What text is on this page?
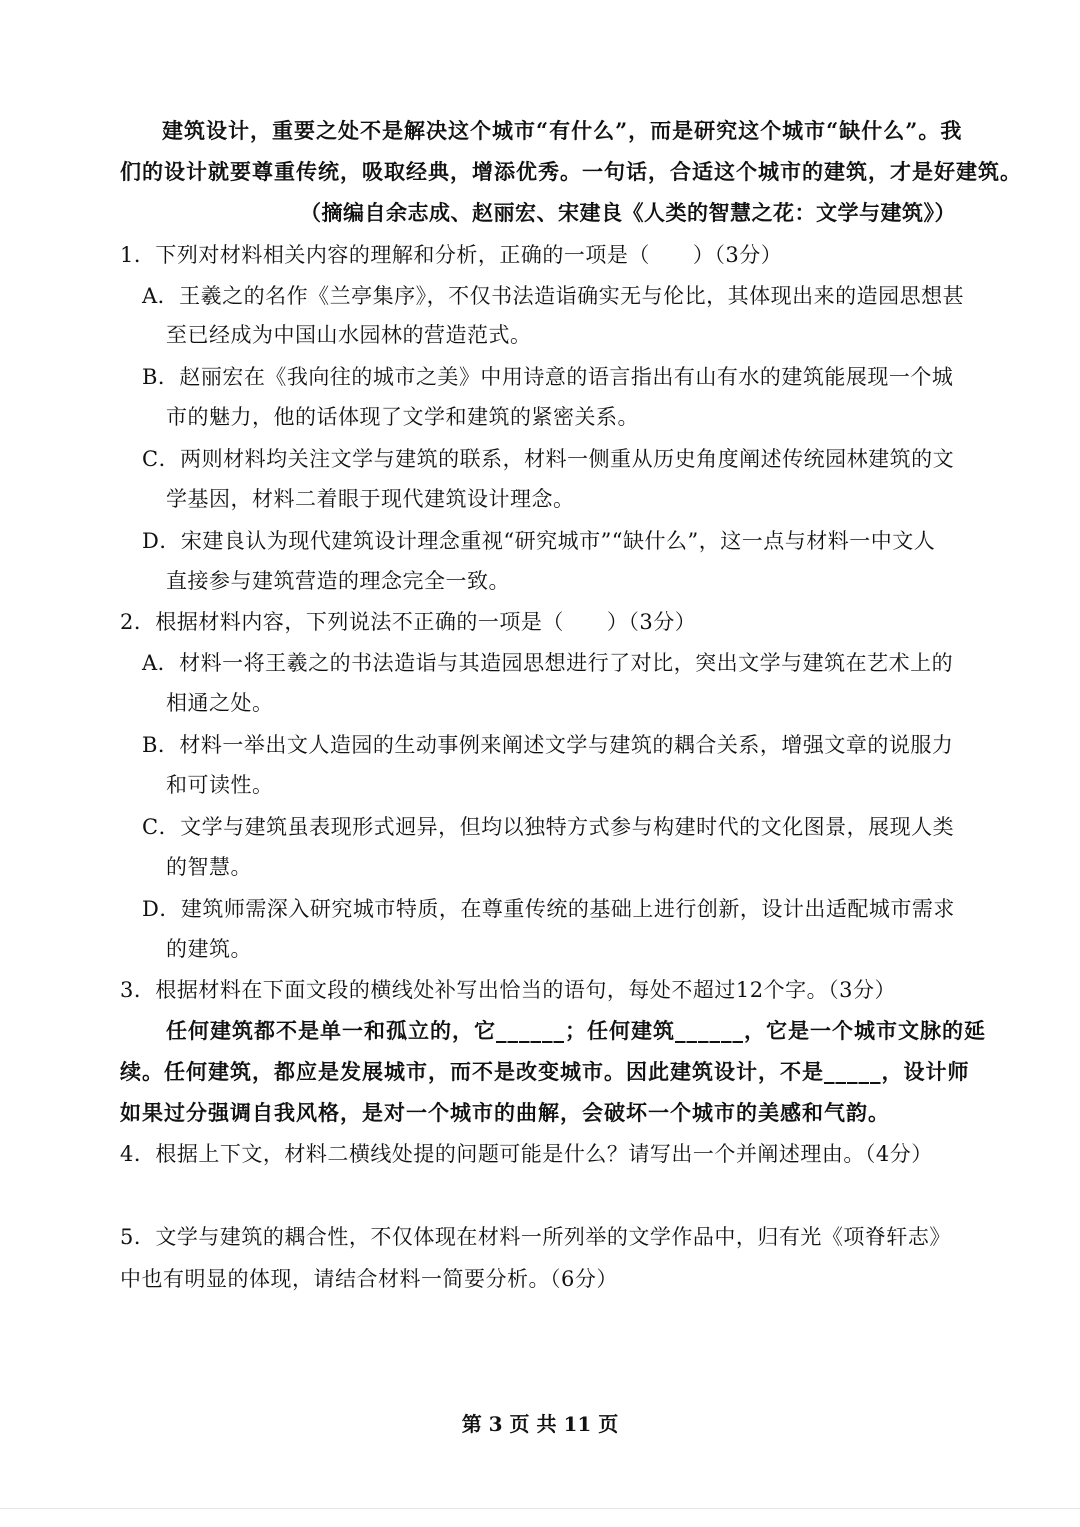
建筑设计，重要之处不是解决这个城市“有什么”，而是研究这个城市“缺什么”。我
们的设计就要尊重传统，吸取经典，增添优秀。一句话，合适这个城市的建筑，才是好建筑。
（摘编自余志成、赵丽宏、宋建良《人类的智慧之花：文学与建筑》）
1．下列对材料相关内容的理解和分析，正确的一项是（　　）（3分）
A．王羲之的名作《兰亭集序》，不仅书法造诣确实无与伦比，其体现出来的造园思想甚
至已经成为中国山水园林的营造范式。
B．赵丽宏在《我向往的城市之美》中用诗意的语言指出有山有水的建筑能展现一个城
市的魅力，他的话体现了文学和建筑的紧密关系。
C．两则材料均关注文学与建筑的联系，材料一侧重从历史角度阐述传统园林建筑的文
学基因，材料二着眼于现代建筑设计理念。
D．宋建良认为现代建筑设计理念重视“研究城市”“缺什么”，这一点与材料一中文人
直接参与建筑营造的理念完全一致。
2．根据材料内容，下列说法不正确的一项是（　　）（3分）
A．材料一将王羲之的书法造诣与其造园思想进行了对比，突出文学与建筑在艺术上的
相通之处。
B．材料一举出文人造园的生动事例来阐述文学与建筑的耦合关系，增强文章的说服力
和可读性。
C．文学与建筑虽表现形式迥异，但均以独特方式参与构建时代的文化图景，展现人类
的智慧。
D．建筑师需深入研究城市特质，在尊重传统的基础上进行创新，设计出适配城市需求
的建筑。
3．根据材料在下面文段的横线处补写出恰当的语句，每处不超过12个字。（3分）
任何建筑都不是单一和孤立的，它______；任何建筑______，它是一个城市文脉的延
续。任何建筑，都应是发展城市，而不是改变城市。因此建筑设计，不是_____，设计师
如果过分强调自我风格，是对一个城市的曲解，会破坏一个城市的美感和气韵。
4．根据上下文，材料二横线处提的问题可能是什么？请写出一个并阐述理由。（4分）
5．文学与建筑的耦合性，不仅体现在材料一所列举的文学作品中，归有光《项脊轩志》
中也有明显的体现，请结合材料一简要分析。（6分）
第 3 页 共 11 页
